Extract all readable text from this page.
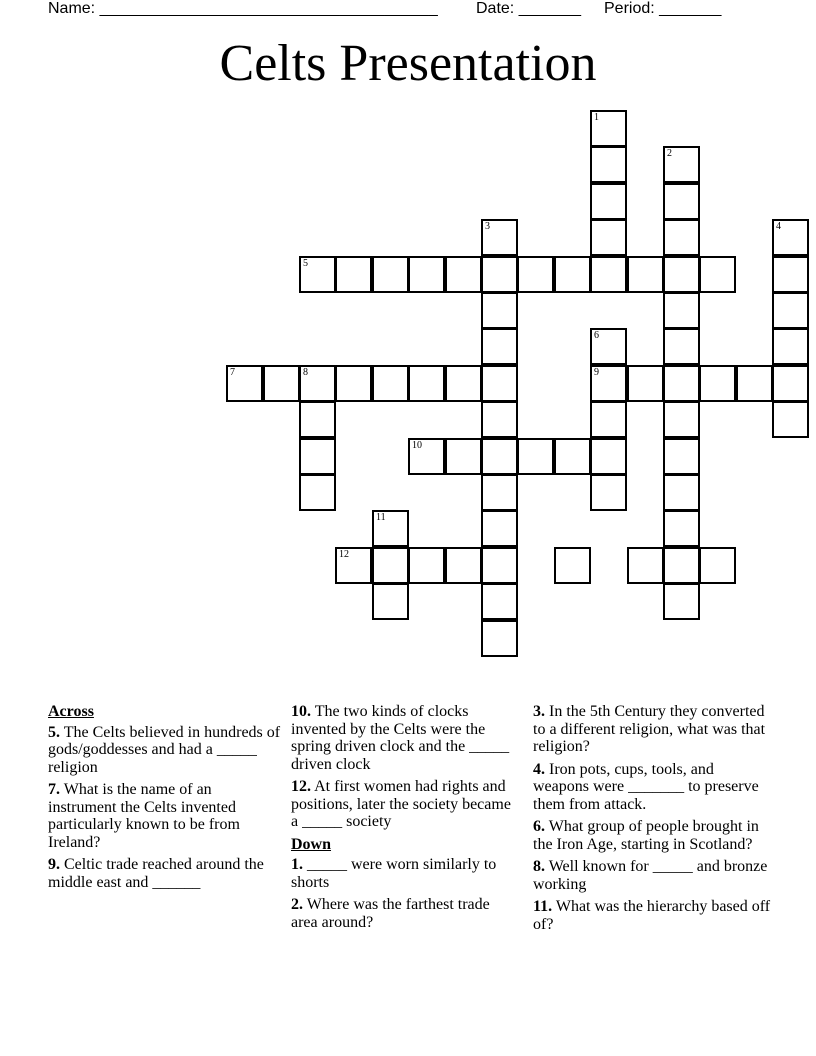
Name: ______________________________________ Date: _______ Period: _______
Celts Presentation
1
2
3	4
5
6
9
7	8
10
11
12
Across
5. The Celts believed in hundreds of gods/goddesses and had a _____ religion
7. What is the name of an instrument the Celts invented particularly known to be from Ireland?
9. Celtic trade reached around the middle east and ______
10. The two kinds of clocks invented by the Celts were the spring driven clock and the _____ driven clock
12. At first women had rights and positions, later the society became a _____ society
Down
1. _____ were worn similarly to shorts
2. Where was the farthest trade area around?
3. In the 5th Century they converted to a different religion, what was that religion?
4. Iron pots, cups, tools, and weapons were _______ to preserve them from attack.
6. What group of people brought in the Iron Age, starting in Scotland?
8. Well known for _____ and bronze working
11. What was the hierarchy based off of?
